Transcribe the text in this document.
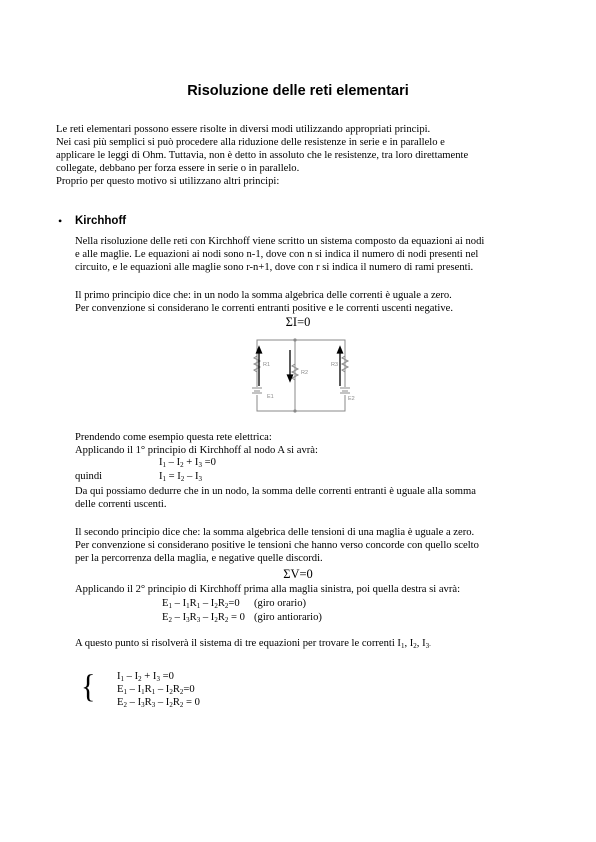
Risoluzione delle reti elementari
Le reti elementari possono essere risolte in diversi modi utilizzando appropriati principi.
Nei casi più semplici si può procedere alla riduzione delle resistenze in serie e in parallelo e
applicare le leggi di Ohm. Tuttavia, non è detto in assoluto che le resistenze, tra loro direttamente
collegate, debbano per forza essere in serie o in parallelo.
Proprio per questo motivo si utilizzano altri principi:
• Kirchhoff
Nella risoluzione delle reti con Kirchhoff viene scritto un sistema composto da equazioni ai nodi
e alle maglie. Le equazioni ai nodi sono n-1, dove con n si indica il numero di nodi presenti nel
circuito, e le equazioni alle maglie sono r-n+1, dove con r si indica il numero di rami presenti.
Il primo principio dice che: in un nodo la somma algebrica delle correnti è uguale a zero.
Per convenzione si considerano le correnti entranti positive e le correnti uscenti negative.
ΣI=0
R1
R2
R3
E1	E2
Prendendo come esempio questa rete elettrica:
Applicando il 1° principio di Kirchhoff al nodo A si avrà:
$I_1 - I_2 + I_3 =0$
quindi	$I_1 = I_2 - I_3$
Da qui possiamo dedurre che in un nodo, la somma delle correnti entranti è uguale alla somma
delle correnti uscenti.
Il secondo principio dice che: la somma algebrica delle tensioni di una maglia è uguale a zero.
Per convenzione si considerano positive le tensioni che hanno verso concorde con quello scelto
per la percorrenza della maglia, e negative quelle discordi.
ΣV=0
Applicando il 2° principio di Kirchhoff prima alla maglia sinistra, poi quella destra si avrà:
$E_1 - I_1R_1 - I_2R_2=0$ (giro orario)
$E_2 - I_3R_3 - I_2R_2 = 0$ (giro antiorario)
A questo punto si risolverà il sistema di tre equazioni per trovare le correnti $I_1$, $I_2$, $I_3$.
{ $I_1 - I_2 + I_3 =0$
$E_1 - I_1R_1 - I_2R_2=0$
$E_2 - I_3R_3 - I_2R_2 = 0$
